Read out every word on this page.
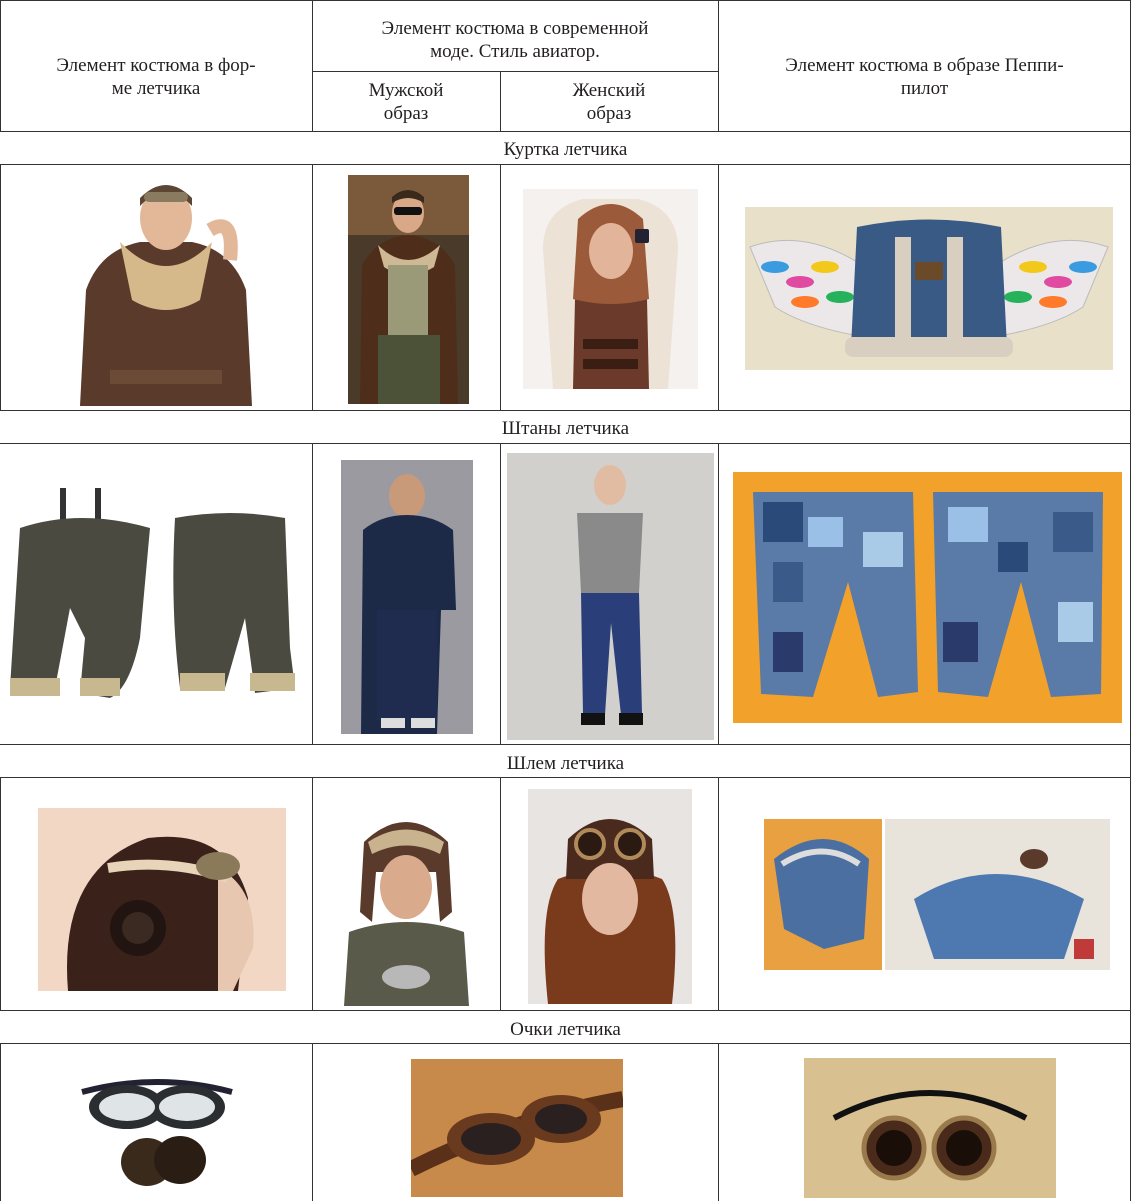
Элемент костюма в фор-
ме летчика
Элемент костюма в современной
моде. Стиль авиатор.
Мужской
образ
Женский
образ
Элемент костюма в образе Пеппи-
пилот
Куртка летчика
Штаны летчика
Шлем летчика
Очки летчика
